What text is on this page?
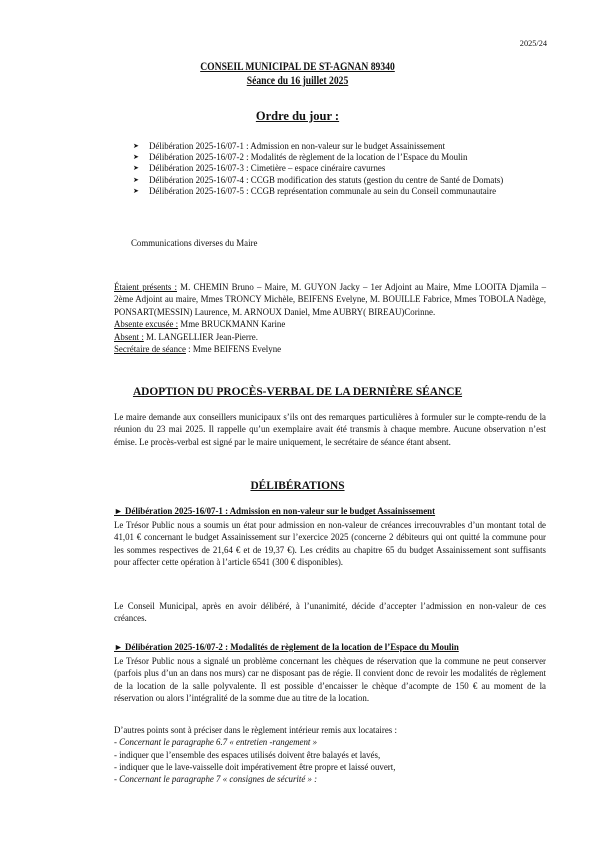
2025/24
CONSEIL MUNICIPAL DE ST-AGNAN 89340
Séance du 16 juillet 2025
Ordre du jour :
➤ Délibération 2025-16/07-1 : Admission en non-valeur sur le budget Assainissement
➤ Délibération 2025-16/07-2 : Modalités de règlement de la location de l’Espace du Moulin
➤ Délibération 2025-16/07-3 : Cimetière – espace cinéraire cavurnes
➤ Délibération 2025-16/07-4 : CCGB modification des statuts (gestion du centre de Santé de Domats)
➤ Délibération 2025-16/07-5 : CCGB représentation communale au sein du Conseil communautaire
Communications diverses du Maire
Étaient présents : M. CHEMIN Bruno – Maire, M. GUYON Jacky – 1er Adjoint au Maire, Mme LOOITA Djamila – 2ème Adjoint au maire, Mmes TRONCY Michèle, BEIFENS Evelyne, M. BOUILLE Fabrice, Mmes TOBOLA Nadège, PONSART(MESSIN) Laurence, M. ARNOUX Daniel, Mme AUBRY( BIREAU)Corinne.
Absente excusée : Mme BRUCKMANN Karine
Absent : M. LANGELLIER Jean-Pierre.
Secrétaire de séance : Mme BEIFENS Evelyne
ADOPTION DU PROCÈS-VERBAL DE LA DERNIÈRE SÉANCE

Le maire demande aux conseillers municipaux s’ils ont des remarques particulières à formuler sur le compte-rendu de la réunion du 23 mai 2025. Il rappelle qu’un exemplaire avait été transmis à chaque membre. Aucune observation n’est émise. Le procès-verbal est signé par le maire uniquement, le secrétaire de séance étant absent.

DÉLIBÉRATIONS
► Délibération 2025-16/07-1 : Admission en non-valeur sur le budget Assainissement

Le Trésor Public nous a soumis un état pour admission en non-valeur de créances irrecouvrables d’un montant total de 41,01 € concernant le budget Assainissement sur l’exercice 2025 (concerne 2 débiteurs qui ont quitté la commune pour les sommes respectives de 21,64 € et de 19,37 €). Les crédits au chapitre 65 du budget Assainissement sont suffisants pour affecter cette opération à l’article 6541 (300 € disponibles).

Le Conseil Municipal, après en avoir délibéré, à l’unanimité, décide d’accepter l’admission en non-valeur de ces créances.

► Délibération 2025-16/07-2 : Modalités de règlement de la location de l’Espace du Moulin

Le Trésor Public nous a signalé un problème concernant les chèques de réservation que la commune ne peut conserver (parfois plus d’un an dans nos murs) car ne disposant pas de régie. Il convient donc de revoir les modalités de règlement de la location de la salle polyvalente. Il est possible d’encaisser le chèque d’acompte de 150 € au moment de la réservation ou alors l’intégralité de la somme due au titre de la location.

D’autres points sont à préciser dans le règlement intérieur remis aux locataires :
- Concernant le paragraphe 6.7 « entretien -rangement »
- indiquer que l’ensemble des espaces utilisés doivent être balayés et lavés,
- indiquer que le lave-vaisselle doit impérativement être propre et laissé ouvert,
- Concernant le paragraphe 7 « consignes de sécurité » :
